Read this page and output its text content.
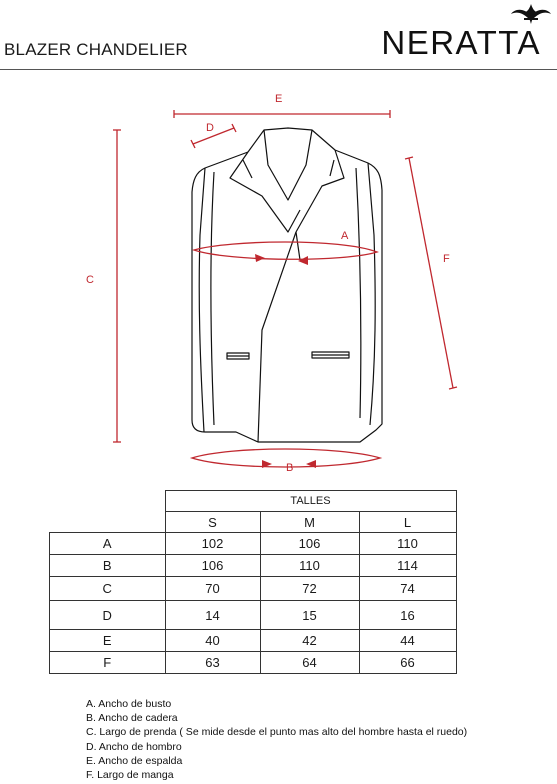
BLAZER CHANDELIER	NERATTA
E
D
C
F
A
B
	TALLES		
	S	M	L
A	102	106	110
B	106	110	114
C	70	72	74
D	14	15	16
E	40	42	44
F	63	64	66
A. Ancho de busto
B. Ancho de cadera
C. Largo de prenda ( Se mide desde el punto mas alto del hombre hasta el ruedo)
D. Ancho de hombro
E. Ancho de espalda
F. Largo de manga
